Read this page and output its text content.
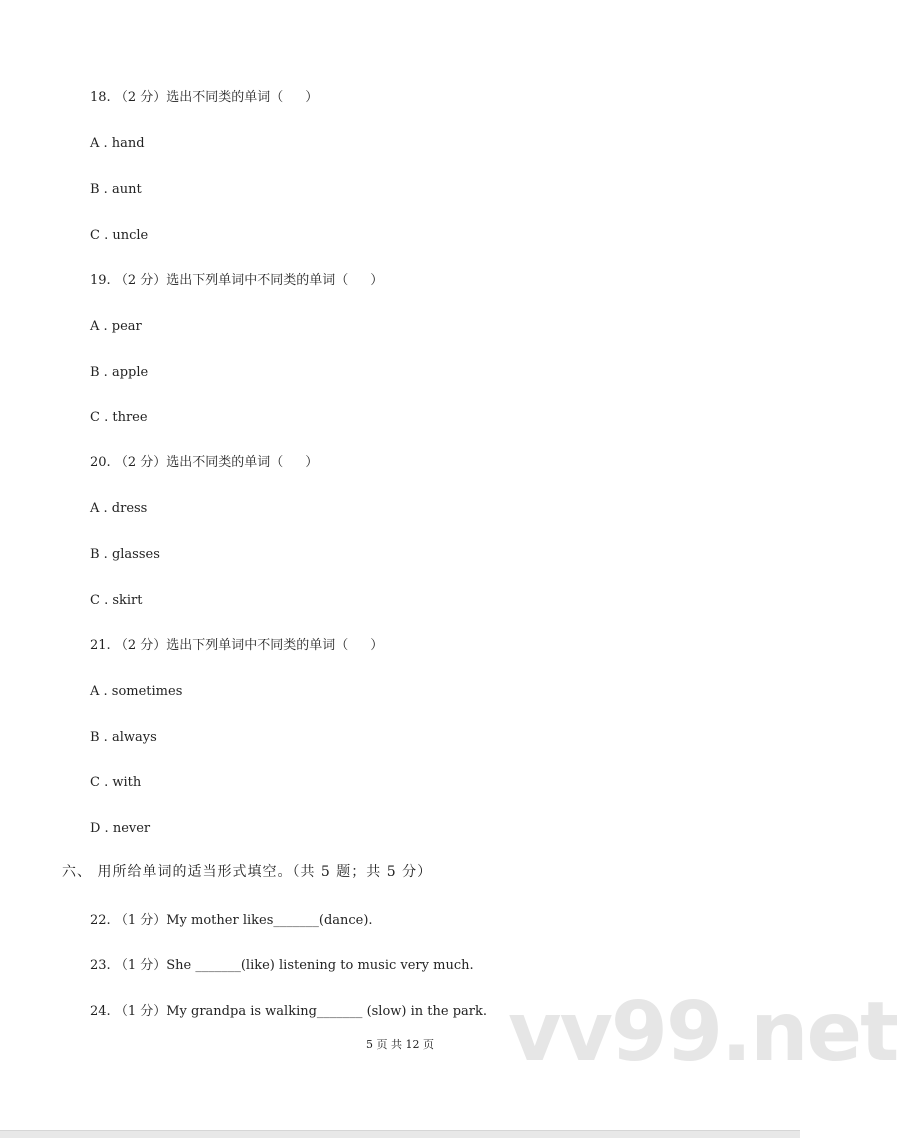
18. （2 分）选出不同类的单词（ ）
A . hand
B . aunt
C . uncle
19. （2 分）选出下列单词中不同类的单词（ ）
A . pear
B . apple
C . three
20. （2 分）选出不同类的单词（ ）
A . dress
B . glasses
C . skirt
21. （2 分）选出下列单词中不同类的单词（ ）
A . sometimes
B . always
C . with
D . never
六、 用所给单词的适当形式填空。（共 5 题；共 5 分）
22. （1 分）My mother likes_______(dance).
23. （1 分）She _______(like) listening to music very much.
24. （1 分）My grandpa is walking_______ (slow) in the park. vv99.net
5 页 共 12 页
